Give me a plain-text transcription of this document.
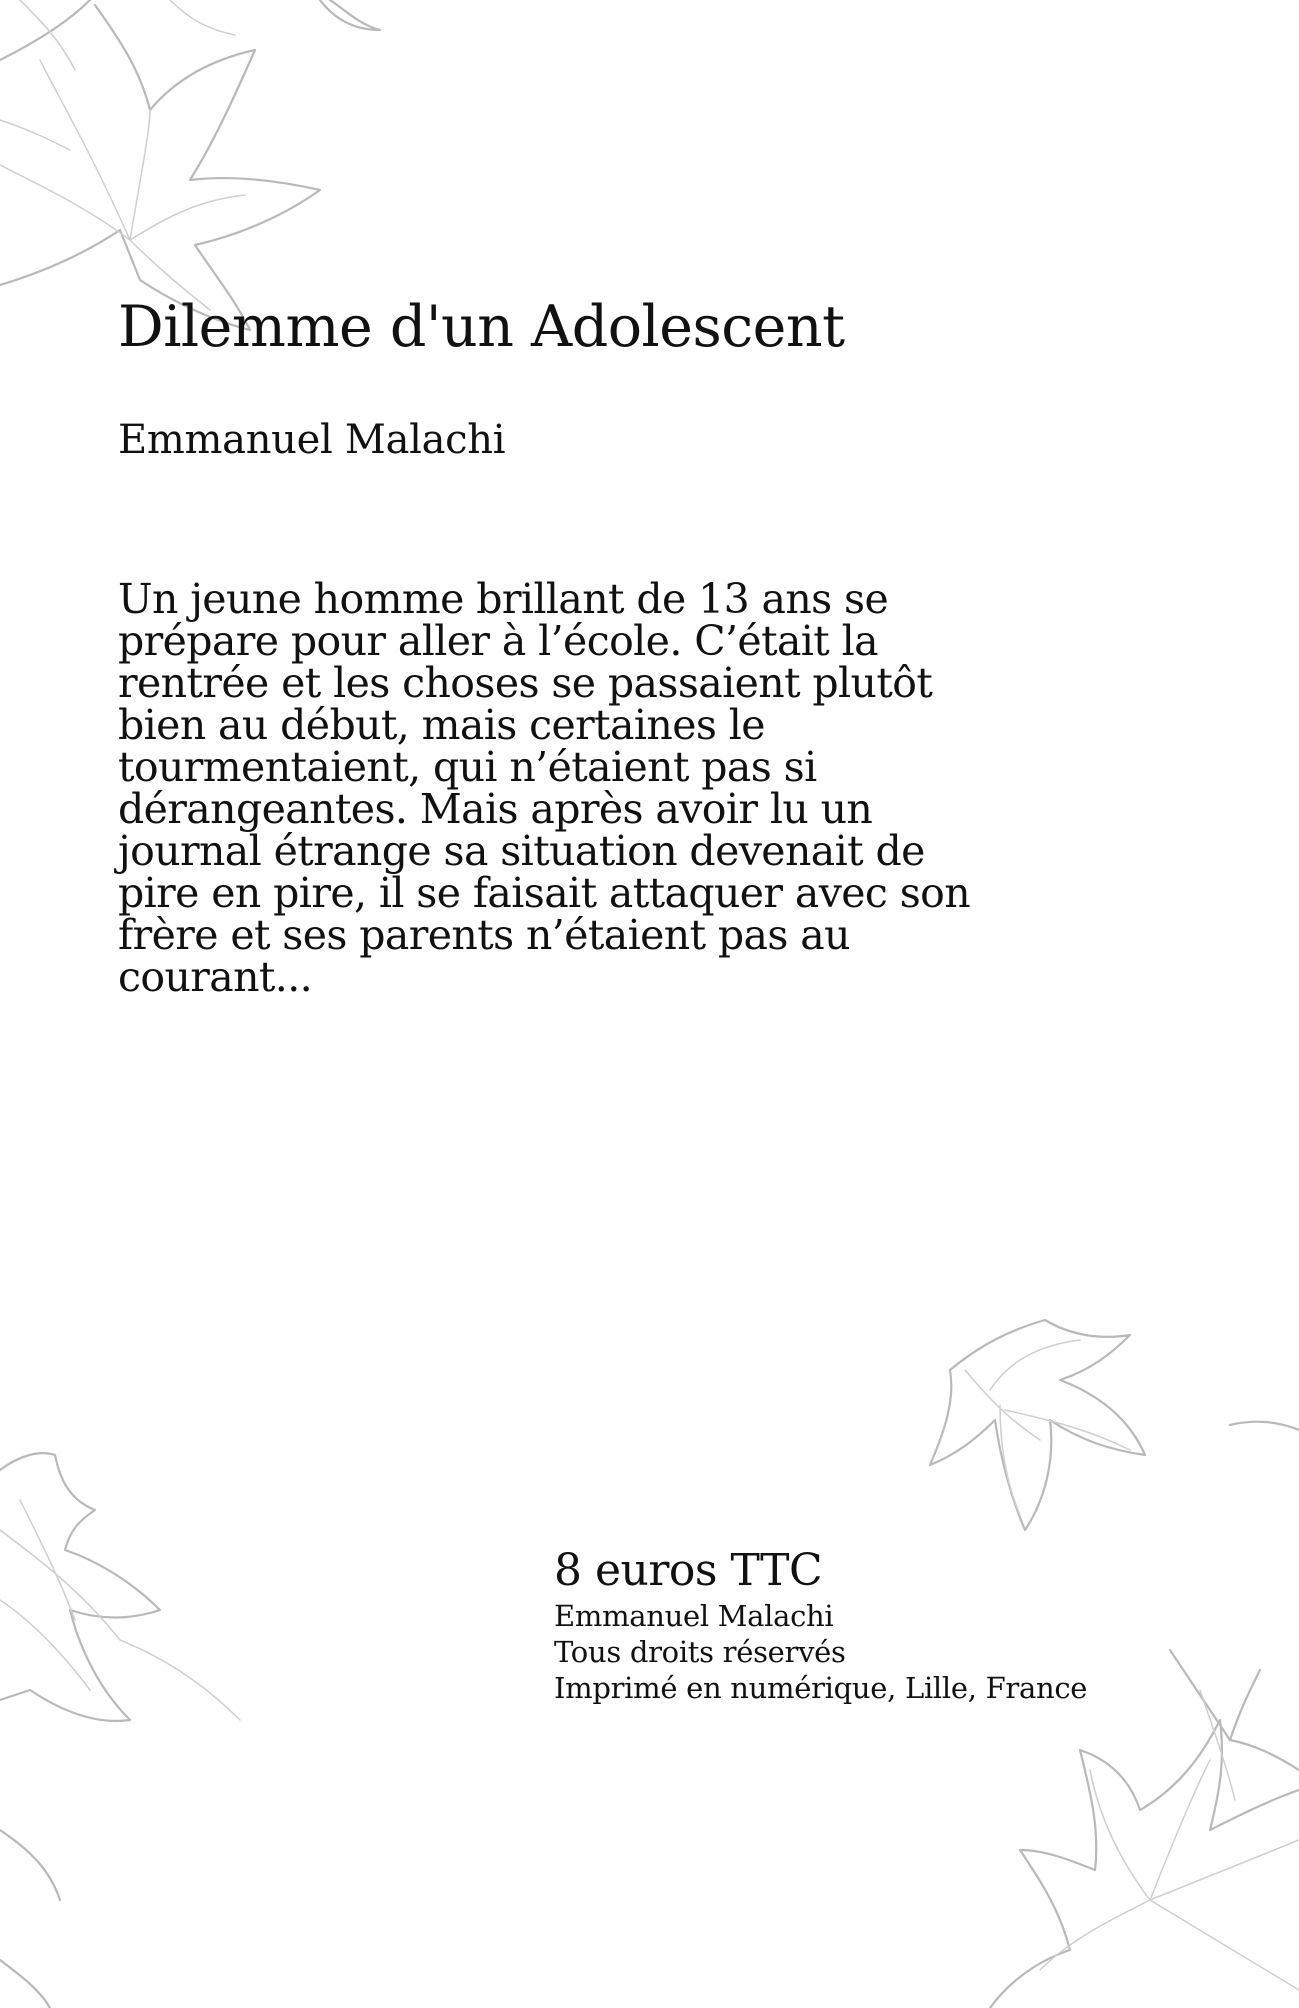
Dilemme d'un Adolescent

Emmanuel Malachi

Un jeune homme brillant de 13 ans se prépare pour aller à l’école. C’était la rentrée et les choses se passaient plutôt bien au début, mais certaines le tourmentaient, qui n’étaient pas si dérangeantes. Mais après avoir lu un journal étrange sa situation devenait de pire en pire, il se faisait attaquer avec son frère et ses parents n’étaient pas au courant...

8 euros TTC

Emmanuel Malachi

Tous droits réservés

Imprimé en numérique, Lille, France
